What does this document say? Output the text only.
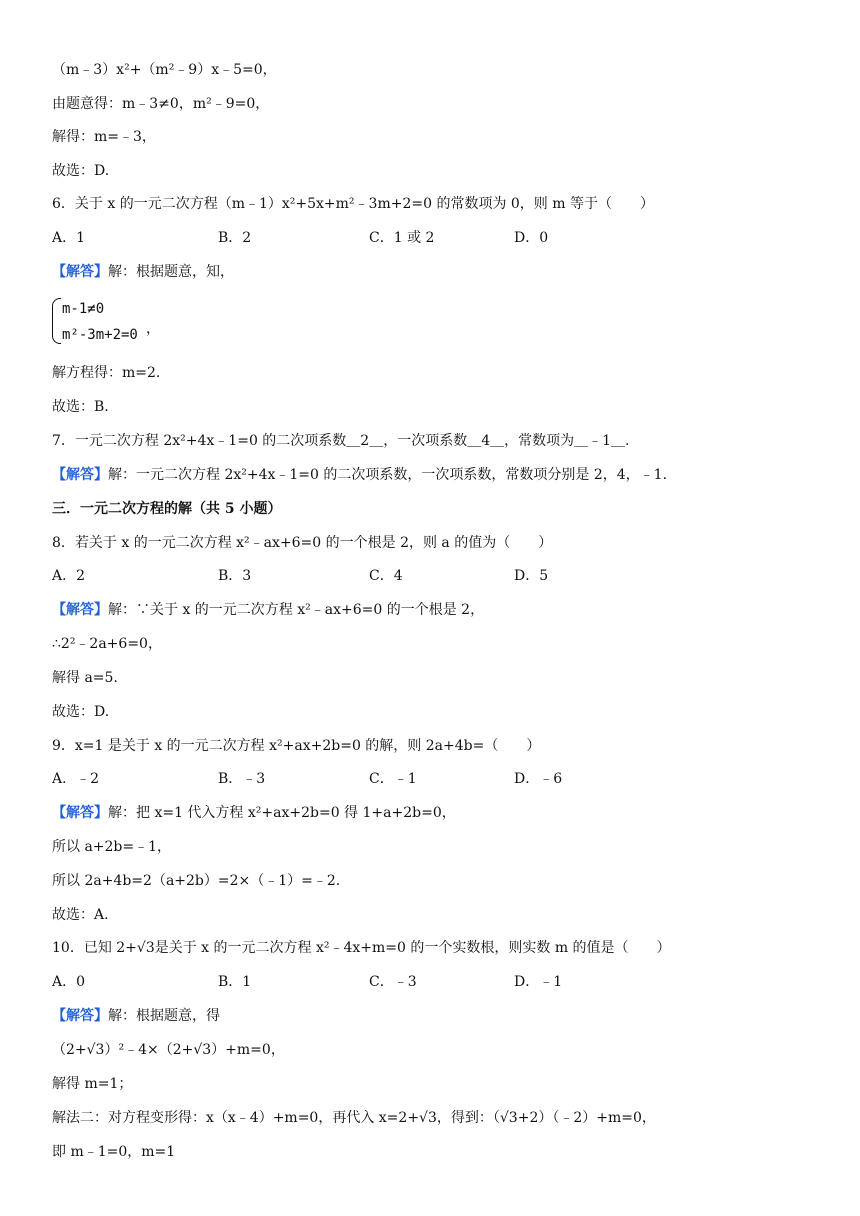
（m﹣3）x²+（m²﹣9）x﹣5=0，
由题意得：m﹣3≠0，m²﹣9=0，
解得：m=﹣3，
故选：D.
6．关于 x 的一元二次方程（m﹣1）x²+5x+m²﹣3m+2=0 的常数项为 0，则 m 等于（　　）
A．1	B．2	C．1 或 2	D．0
【解答】解：根据题意，知，
m-1≠0
m²-3m+2=0 ，
解方程得：m=2.
故选：B.
7．一元二次方程 2x²+4x﹣1=0 的二次项系数＿2＿，一次项系数＿4＿，常数项为＿﹣1＿.
【解答】解：一元二次方程 2x²+4x﹣1=0 的二次项系数，一次项系数，常数项分别是 2，4，﹣1.
三．一元二次方程的解（共 5 小题）
8．若关于 x 的一元二次方程 x²﹣ax+6=0 的一个根是 2，则 a 的值为（　　）
A．2	B．3	C．4	D．5
【解答】解：∵关于 x 的一元二次方程 x²﹣ax+6=0 的一个根是 2，
∴2²﹣2a+6=0，
解得 a=5.
故选：D.
9．x=1 是关于 x 的一元二次方程 x²+ax+2b=0 的解，则 2a+4b=（　　）
A．﹣2	B．﹣3	C．﹣1	D．﹣6
【解答】解：把 x=1 代入方程 x²+ax+2b=0 得 1+a+2b=0，
所以 a+2b=﹣1，
所以 2a+4b=2（a+2b）=2×（﹣1）=﹣2.
故选：A.
10．已知 2+√3是关于 x 的一元二次方程 x²﹣4x+m=0 的一个实数根，则实数 m 的值是（　　）
A．0	B．1	C．﹣3	D．﹣1
【解答】解：根据题意，得
（2+√3）²﹣4×（2+√3）+m=0，
解得 m=1；
解法二：对方程变形得：x（x﹣4）+m=0，再代入 x=2+√3，得到：（√3+2）（﹣2）+m=0，
即 m﹣1=0，m=1
